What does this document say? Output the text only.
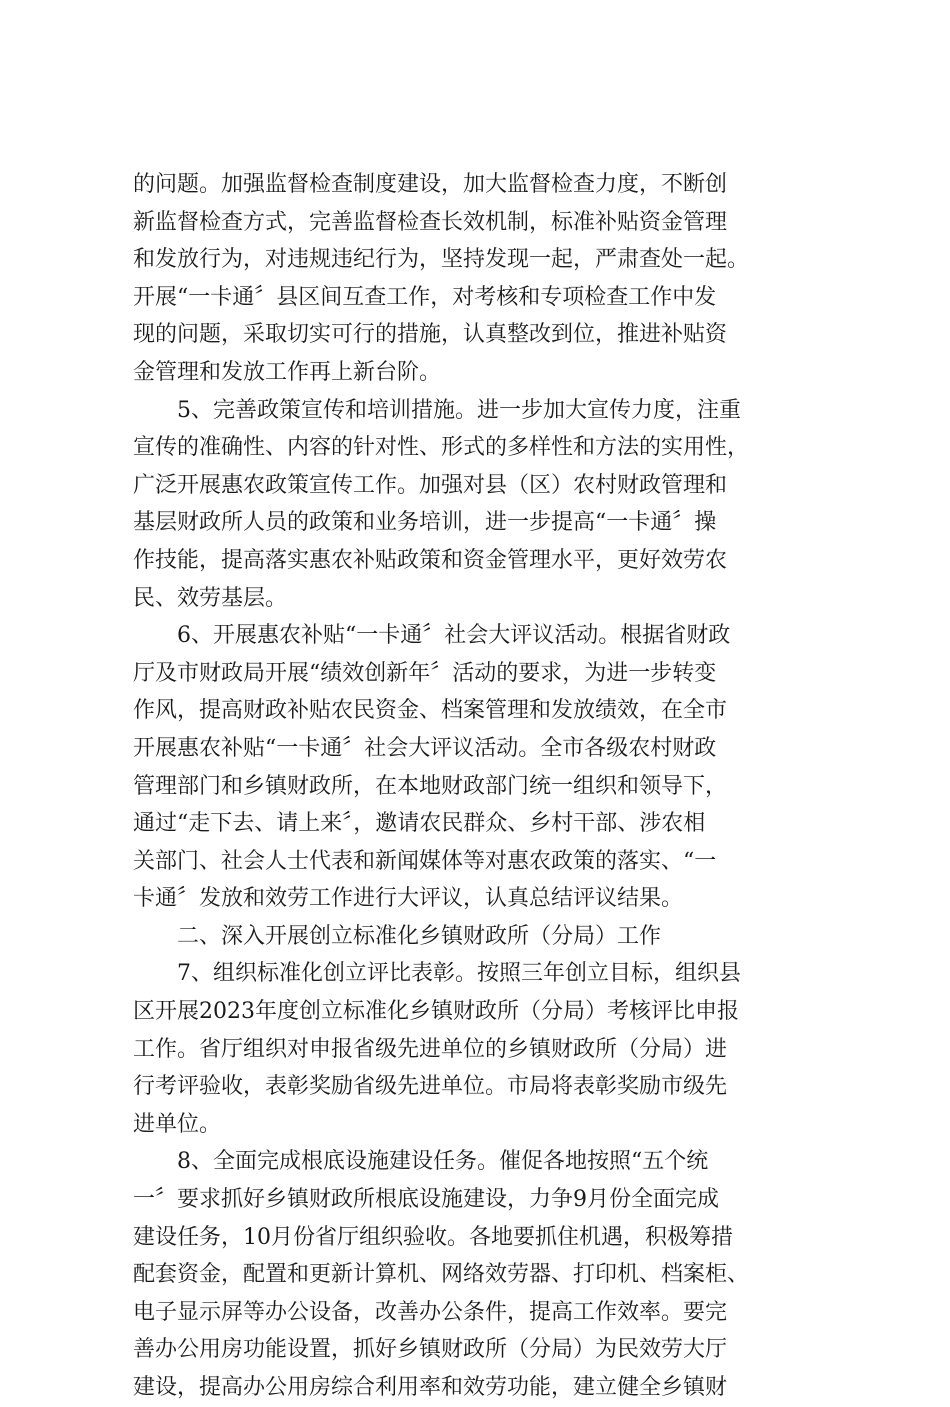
的问题。加强监督检查制度建设，加大监督检查力度，不断创
新监督检查方式，完善监督检查长效机制，标准补贴资金管理
和发放行为，对违规违纪行为，坚持发现一起，严肃查处一起。
开展“一卡通〞县区间互查工作，对考核和专项检查工作中发
现的问题，采取切实可行的措施，认真整改到位，推进补贴资
金管理和发放工作再上新台阶。
5、完善政策宣传和培训措施。进一步加大宣传力度，注重
宣传的准确性、内容的针对性、形式的多样性和方法的实用性，
广泛开展惠农政策宣传工作。加强对县（区）农村财政管理和
基层财政所人员的政策和业务培训，进一步提高“一卡通〞操
作技能，提高落实惠农补贴政策和资金管理水平，更好效劳农
民、效劳基层。
6、开展惠农补贴“一卡通〞社会大评议活动。根据省财政
厅及市财政局开展“绩效创新年〞活动的要求，为进一步转变
作风，提高财政补贴农民资金、档案管理和发放绩效，在全市
开展惠农补贴“一卡通〞社会大评议活动。全市各级农村财政
管理部门和乡镇财政所，在本地财政部门统一组织和领导下，
通过“走下去、请上来〞，邀请农民群众、乡村干部、涉农相
关部门、社会人士代表和新闻媒体等对惠农政策的落实、“一
卡通〞发放和效劳工作进行大评议，认真总结评议结果。
二、深入开展创立标准化乡镇财政所（分局）工作
7、组织标准化创立评比表彰。按照三年创立目标，组织县
区开展2023年度创立标准化乡镇财政所（分局）考核评比申报
工作。省厅组织对申报省级先进单位的乡镇财政所（分局）进
行考评验收，表彰奖励省级先进单位。市局将表彰奖励市级先
进单位。
8、全面完成根底设施建设任务。催促各地按照“五个统
一〞要求抓好乡镇财政所根底设施建设，力争9月份全面完成
建设任务，10月份省厅组织验收。各地要抓住机遇，积极筹措
配套资金，配置和更新计算机、网络效劳器、打印机、档案柜、
电子显示屏等办公设备，改善办公条件，提高工作效率。要完
善办公用房功能设置，抓好乡镇财政所（分局）为民效劳大厅
建设，提高办公用房综合利用率和效劳功能，建立健全乡镇财
